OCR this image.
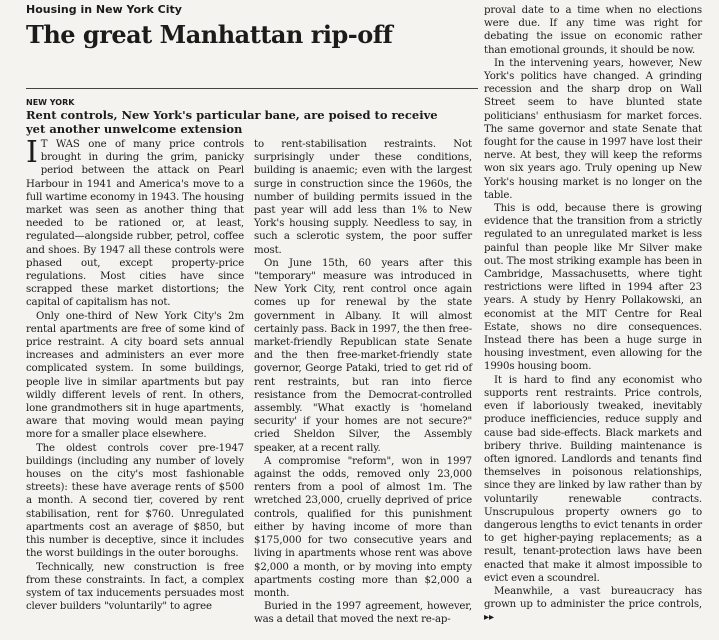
Housing in New York City
The great Manhattan rip-off
NEW YORK
Rent controls, New York's particular bane, are poised to receive yet another unwelcome extension

I T WAS one of many price controls brought in during the grim, panicky period between the attack on Pearl Harbour in 1941 and America's move to a full wartime economy in 1943. The housing market was seen as another thing that needed to be rationed or, at least, regulated—alongside rubber, petrol, coffee and shoes. By 1947 all these controls were phased out, except property-price regulations. Most cities have since scrapped these market distortions; the capital of capitalism has not.

Only one-third of New York City's 2m rental apartments are free of some kind of price restraint. A city board sets annual increases and administers an ever more complicated system. In some buildings, people live in similar apartments but pay wildly different levels of rent. In others, lone grandmothers sit in huge apartments, aware that moving would mean paying more for a smaller place elsewhere.

The oldest controls cover pre-1947 buildings (including any number of lovely houses on the city's most fashionable streets): these have average rents of $500 a month. A second tier, covered by rent stabilisation, rent for $760. Unregulated apartments cost an average of $850, but this number is deceptive, since it includes the worst buildings in the outer boroughs.

Technically, new construction is free from these constraints. In fact, a complex system of tax inducements persuades most clever builders "voluntarily" to agree

to rent-stabilisation restraints. Not surprisingly under these conditions, building is anaemic; even with the largest surge in construction since the 1960s, the number of building permits issued in the past year will add less than 1% to New York's housing supply. Needless to say, in such a sclerotic system, the poor suffer most.

On June 15th, 60 years after this "temporary" measure was introduced in New York City, rent control once again comes up for renewal by the state government in Albany. It will almost certainly pass. Back in 1997, the then free-market-friendly Republican state Senate and the then free-market-friendly state governor, George Pataki, tried to get rid of rent restraints, but ran into fierce resistance from the Democrat-controlled assembly. "What exactly is 'homeland security' if your homes are not secure?" cried Sheldon Silver, the Assembly speaker, at a recent rally.

A compromise "reform", won in 1997 against the odds, removed only 23,000 renters from a pool of almost 1m. The wretched 23,000, cruelly deprived of price controls, qualified for this punishment either by having income of more than $175,000 for two consecutive years and living in apartments whose rent was above $2,000 a month, or by moving into empty apartments costing more than $2,000 a month.

Buried in the 1997 agreement, however, was a detail that moved the next re-ap-

proval date to a time when no elections were due. If any time was right for debating the issue on economic rather than emotional grounds, it should be now.

In the intervening years, however, New York's politics have changed. A grinding recession and the sharp drop on Wall Street seem to have blunted state politicians' enthusiasm for market forces. The same governor and state Senate that fought for the cause in 1997 have lost their nerve. At best, they will keep the reforms won six years ago. Truly opening up New York's housing market is no longer on the table.

This is odd, because there is growing evidence that the transition from a strictly regulated to an unregulated market is less painful than people like Mr Silver make out. The most striking example has been in Cambridge, Massachusetts, where tight restrictions were lifted in 1994 after 23 years. A study by Henry Pollakowski, an economist at the MIT Centre for Real Estate, shows no dire consequences. Instead there has been a huge surge in housing investment, even allowing for the 1990s housing boom.

It is hard to find any economist who supports rent restraints. Price controls, even if laboriously tweaked, inevitably produce inefficiencies, reduce supply and cause bad side-effects. Black markets and bribery thrive. Building maintenance is often ignored. Landlords and tenants find themselves in poisonous relationships, since they are linked by law rather than by voluntarily renewable contracts. Unscrupulous property owners go to dangerous lengths to evict tenants in order to get higher-paying replacements; as a result, tenant-protection laws have been enacted that make it almost impossible to evict even a scoundrel.

Meanwhile, a vast bureaucracy has grown up to administer the price controls, ▸▸
